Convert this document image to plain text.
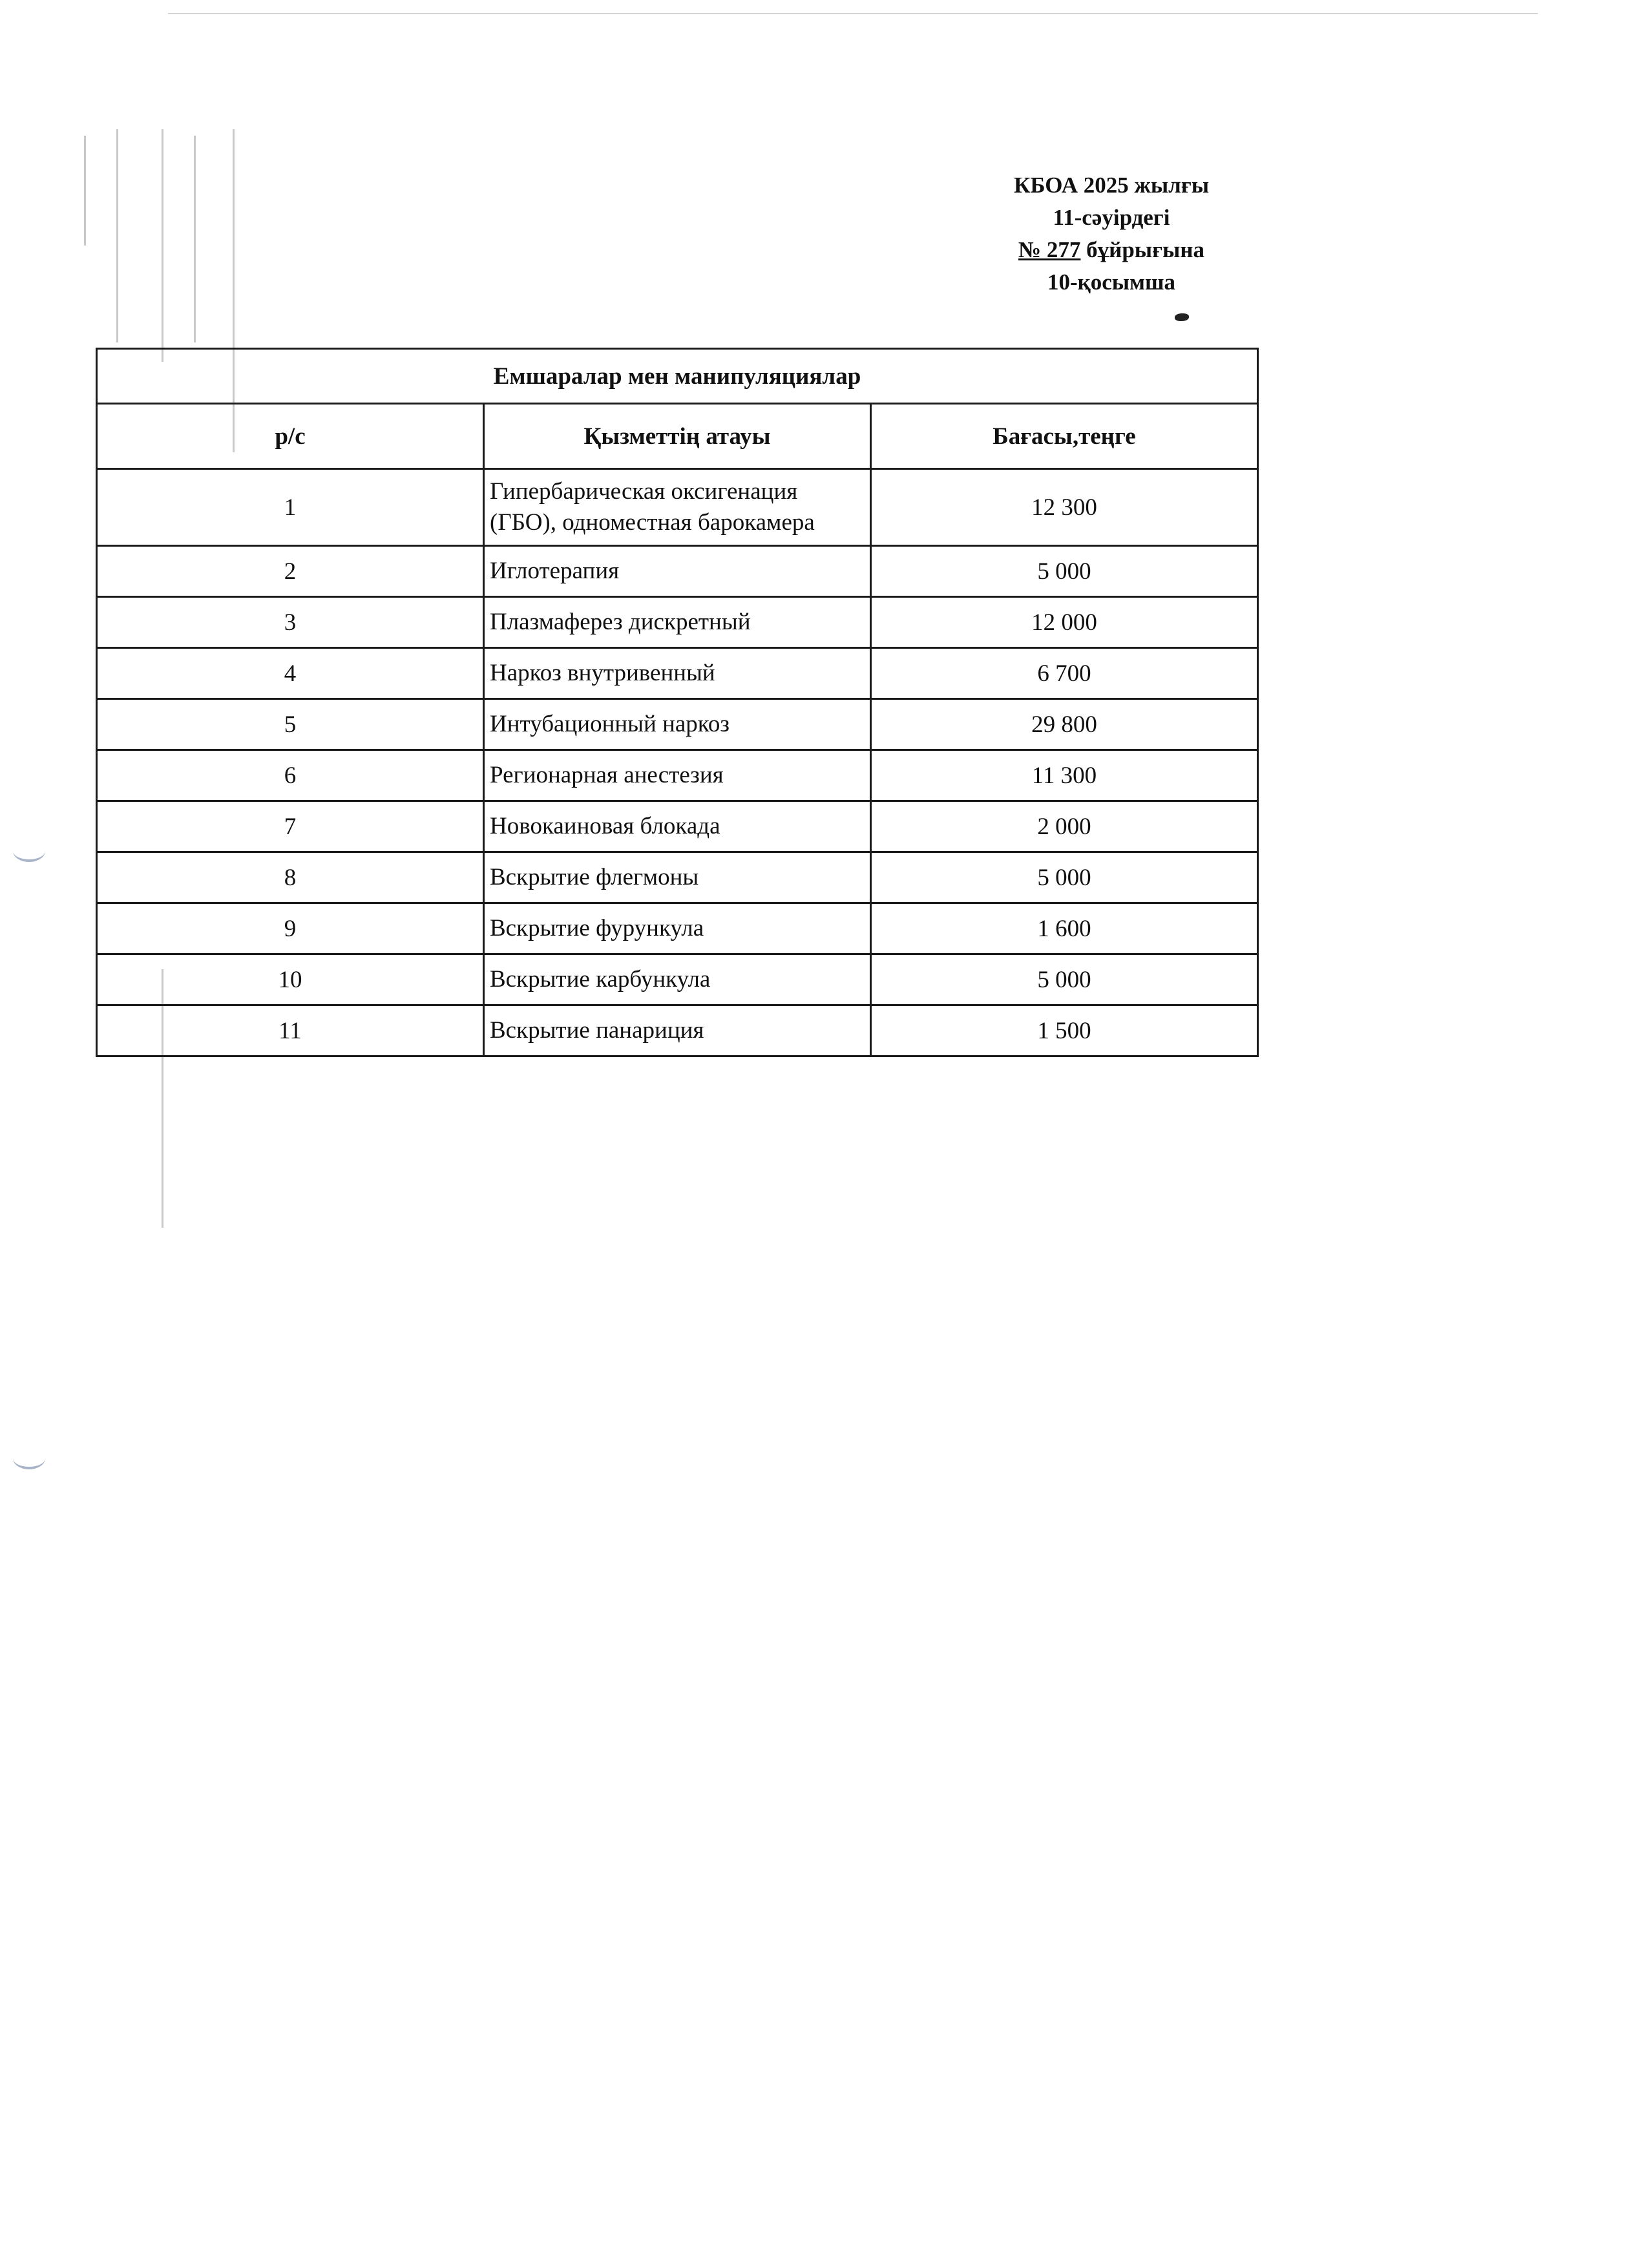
КБОА 2025 жылғы
11-сәуірдегі
№ 277 бұйрығына
10-қосымша
Емшаралар мен манипуляциялар		
р/с	Қызметтің атауы	Бағасы,теңге
1	Гипербарическая оксигенация (ГБО), одноместная барокамера	12 300
2	Иглотерапия	5 000
3	Плазмаферез дискретный	12 000
4	Наркоз внутривенный	6 700
5	Интубационный наркоз	29 800
6	Регионарная анестезия	11 300
7	Новокаиновая блокада	2 000
8	Вскрытие флегмоны	5 000
9	Вскрытие фурункула	1 600
10	Вскрытие карбункула	5 000
11	Вскрытие панариция	1 500
